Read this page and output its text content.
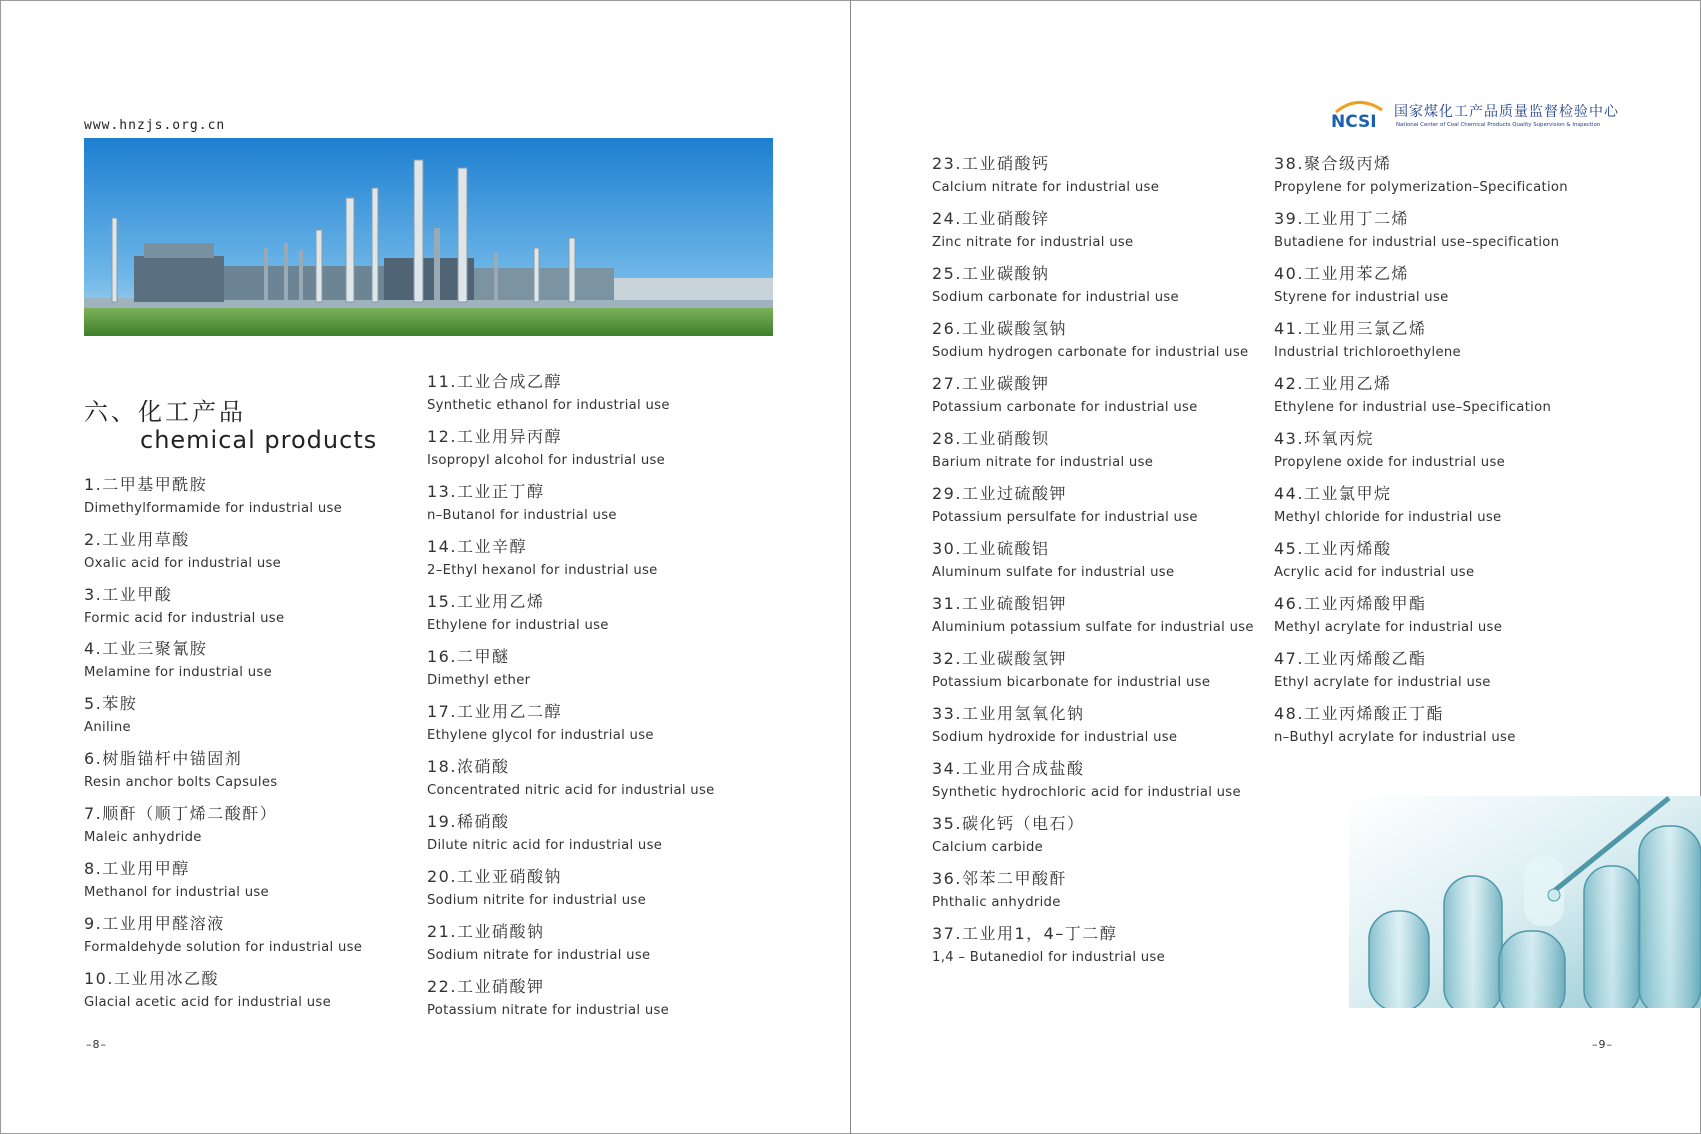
www.hnzjs.org.cn
六、化工产品
chemical products
1.二甲基甲酰胺
Dimethylformamide for industrial use
2.工业用草酸
Oxalic acid for industrial use
3.工业甲酸
Formic acid for industrial use
4.工业三聚氰胺
Melamine for industrial use
5.苯胺
Aniline
6.树脂锚杆中锚固剂
Resin anchor bolts Capsules
7.顺酐（顺丁烯二酸酐）
Maleic anhydride
8.工业用甲醇
Methanol for industrial use
9.工业用甲醛溶液
Formaldehyde solution for industrial use
10.工业用冰乙酸
Glacial acetic acid for industrial use
11.工业合成乙醇
Synthetic ethanol for industrial use
12.工业用异丙醇
Isopropyl alcohol for industrial use
13.工业正丁醇
n–Butanol for industrial use
14.工业辛醇
2–Ethyl hexanol for industrial use
15.工业用乙烯
Ethylene for industrial use
16.二甲醚
Dimethyl ether
17.工业用乙二醇
Ethylene glycol for industrial use
18.浓硝酸
Concentrated nitric acid for industrial use
19.稀硝酸
Dilute nitric acid for industrial use
20.工业亚硝酸钠
Sodium nitrite for industrial use
21.工业硝酸钠
Sodium nitrate for industrial use
22.工业硝酸钾
Potassium nitrate for industrial use
–8–
NCSI 国家煤化工产品质量监督检验中心
National Center of Coal Chemical Products Quality Supervision & Inspection
23.工业硝酸钙
Calcium nitrate for industrial use
24.工业硝酸锌
Zinc nitrate for industrial use
25.工业碳酸钠
Sodium carbonate for industrial use
26.工业碳酸氢钠
Sodium hydrogen carbonate for industrial use
27.工业碳酸钾
Potassium carbonate for industrial use
28.工业硝酸钡
Barium nitrate for industrial use
29.工业过硫酸钾
Potassium persulfate for industrial use
30.工业硫酸铝
Aluminum sulfate for industrial use
31.工业硫酸铝钾
Aluminium potassium sulfate for industrial use
32.工业碳酸氢钾
Potassium bicarbonate for industrial use
33.工业用氢氧化钠
Sodium hydroxide for industrial use
34.工业用合成盐酸
Synthetic hydrochloric acid for industrial use
35.碳化钙（电石）
Calcium carbide
36.邻苯二甲酸酐
Phthalic anhydride
37.工业用1，4–丁二醇
1,4 – Butanediol for industrial use
38.聚合级丙烯
Propylene for polymerization–Specification
39.工业用丁二烯
Butadiene for industrial use–specification
40.工业用苯乙烯
Styrene for industrial use
41.工业用三氯乙烯
Industrial trichloroethylene
42.工业用乙烯
Ethylene for industrial use–Specification
43.环氧丙烷
Propylene oxide for industrial use
44.工业氯甲烷
Methyl chloride for industrial use
45.工业丙烯酸
Acrylic acid for industrial use
46.工业丙烯酸甲酯
Methyl acrylate for industrial use
47.工业丙烯酸乙酯
Ethyl acrylate for industrial use
48.工业丙烯酸正丁酯
n–Buthyl acrylate for industrial use
–9–
